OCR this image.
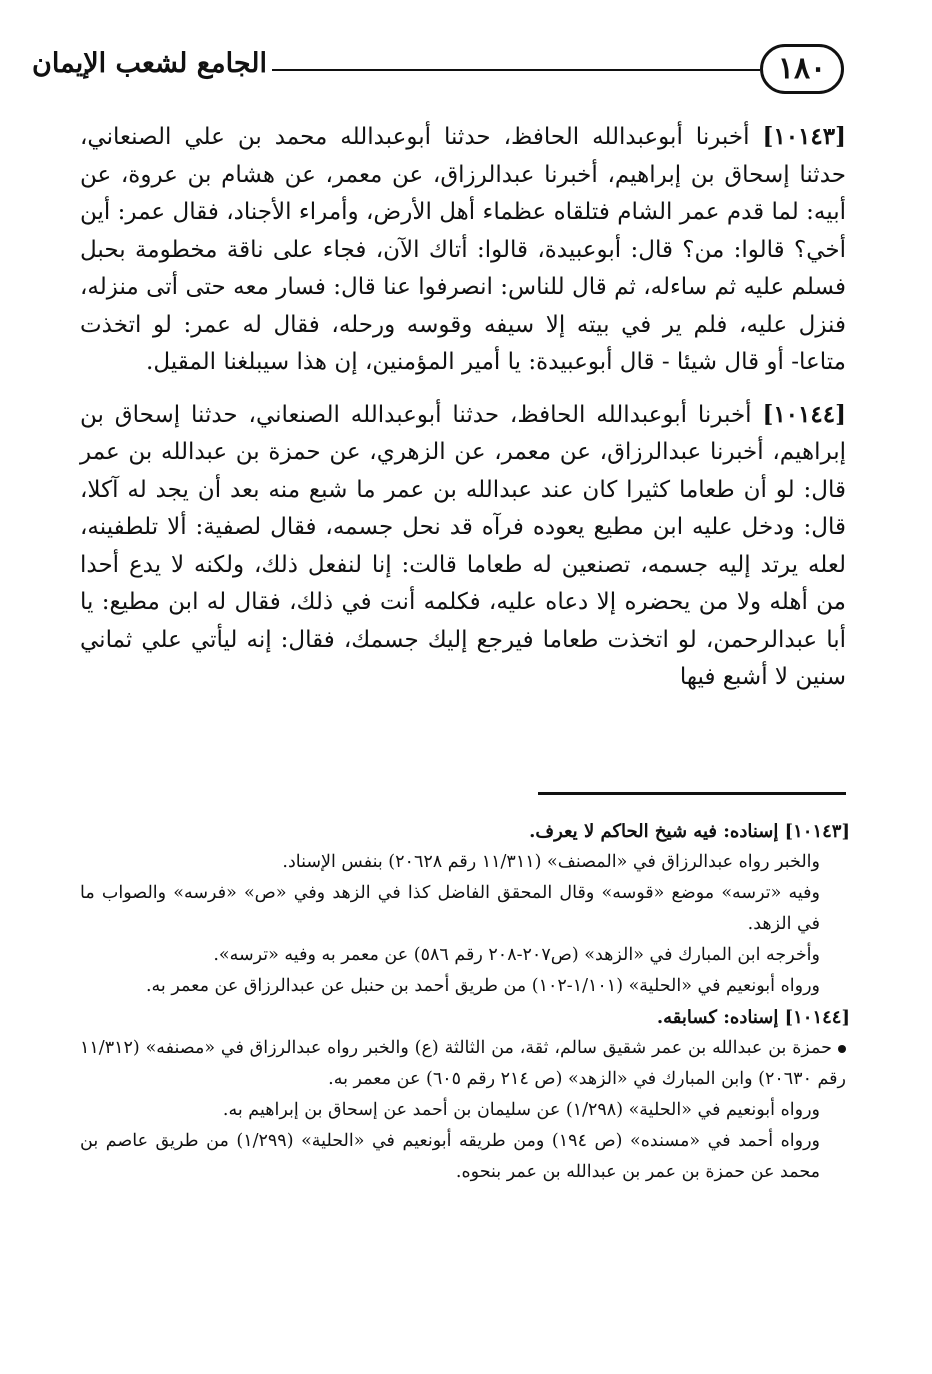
١٨٠
الجامع لشعب الإيمان

[١٠١٤٣] أخبرنا أبوعبدالله الحافظ، حدثنا أبوعبدالله محمد بن علي الصنعاني، حدثنا إسحاق بن إبراهيم، أخبرنا عبدالرزاق، عن معمر، عن هشام بن عروة، عن أبيه: لما قدم عمر الشام فتلقاه عظماء أهل الأرض، وأمراء الأجناد، فقال عمر: أين أخي؟ قالوا: من؟ قال: أبوعبيدة، قالوا: أتاك الآن، فجاء على ناقة مخطومة بحبل فسلم عليه ثم ساءله، ثم قال للناس: انصرفوا عنا قال: فسار معه حتى أتى منزله، فنزل عليه، فلم ير في بيته إلا سيفه وقوسه ورحله، فقال له عمر: لو اتخذت متاعا- أو قال شيئا - قال أبوعبيدة: يا أمير المؤمنين، إن هذا سيبلغنا المقيل.

[١٠١٤٤] أخبرنا أبوعبدالله الحافظ، حدثنا أبوعبدالله الصنعاني، حدثنا إسحاق بن إبراهيم، أخبرنا عبدالرزاق، عن معمر، عن الزهري، عن حمزة بن عبدالله بن عمر قال: لو أن طعاما كثيرا كان عند عبدالله بن عمر ما شبع منه بعد أن يجد له آكلا، قال: ودخل عليه ابن مطيع يعوده فرآه قد نحل جسمه، فقال لصفية: ألا تلطفينه، لعله يرتد إليه جسمه، تصنعين له طعاما قالت: إنا لنفعل ذلك، ولكنه لا يدع أحدا من أهله ولا من يحضره إلا دعاه عليه، فكلمه أنت في ذلك، فقال له ابن مطيع: يا أبا عبدالرحمن، لو اتخذت طعاما فيرجع إليك جسمك، فقال: إنه ليأتي علي ثماني سنين لا أشبع فيها

[١٠١٤٣] إسناده: فيه شيخ الحاكم لا يعرف.

والخبر رواه عبدالرزاق في «المصنف» (١١/٣١١ رقم ٢٠٦٢٨) بنفس الإسناد.

وفيه «ترسه» موضع «قوسه» وقال المحقق الفاضل كذا في الزهد وفي «ص» «فرسه» والصواب ما في الزهد.

وأخرجه ابن المبارك في «الزهد» (ص٢٠٧-٢٠٨ رقم ٥٨٦) عن معمر به وفيه «ترسه».

ورواه أبونعيم في «الحلية» (١/١٠١-١٠٢) من طريق أحمد بن حنبل عن عبدالرزاق عن معمر به.

[١٠١٤٤] إسناده: كسابقه.

حمزة بن عبدالله بن عمر شقيق سالم، ثقة، من الثالثة (ع) والخبر رواه عبدالرزاق في «مصنفه» (١١/٣١٢ رقم ٢٠٦٣٠) وابن المبارك في «الزهد» (ص ٢١٤ رقم ٦٠٥) عن معمر به.

ورواه أبونعيم في «الحلية» (١/٢٩٨) عن سليمان بن أحمد عن إسحاق بن إبراهيم به.

ورواه أحمد في «مسنده» (ص ١٩٤) ومن طريقه أبونعيم في «الحلية» (١/٢٩٩) من طريق عاصم بن محمد عن حمزة بن عمر بن عبدالله بن عمر بنحوه.
